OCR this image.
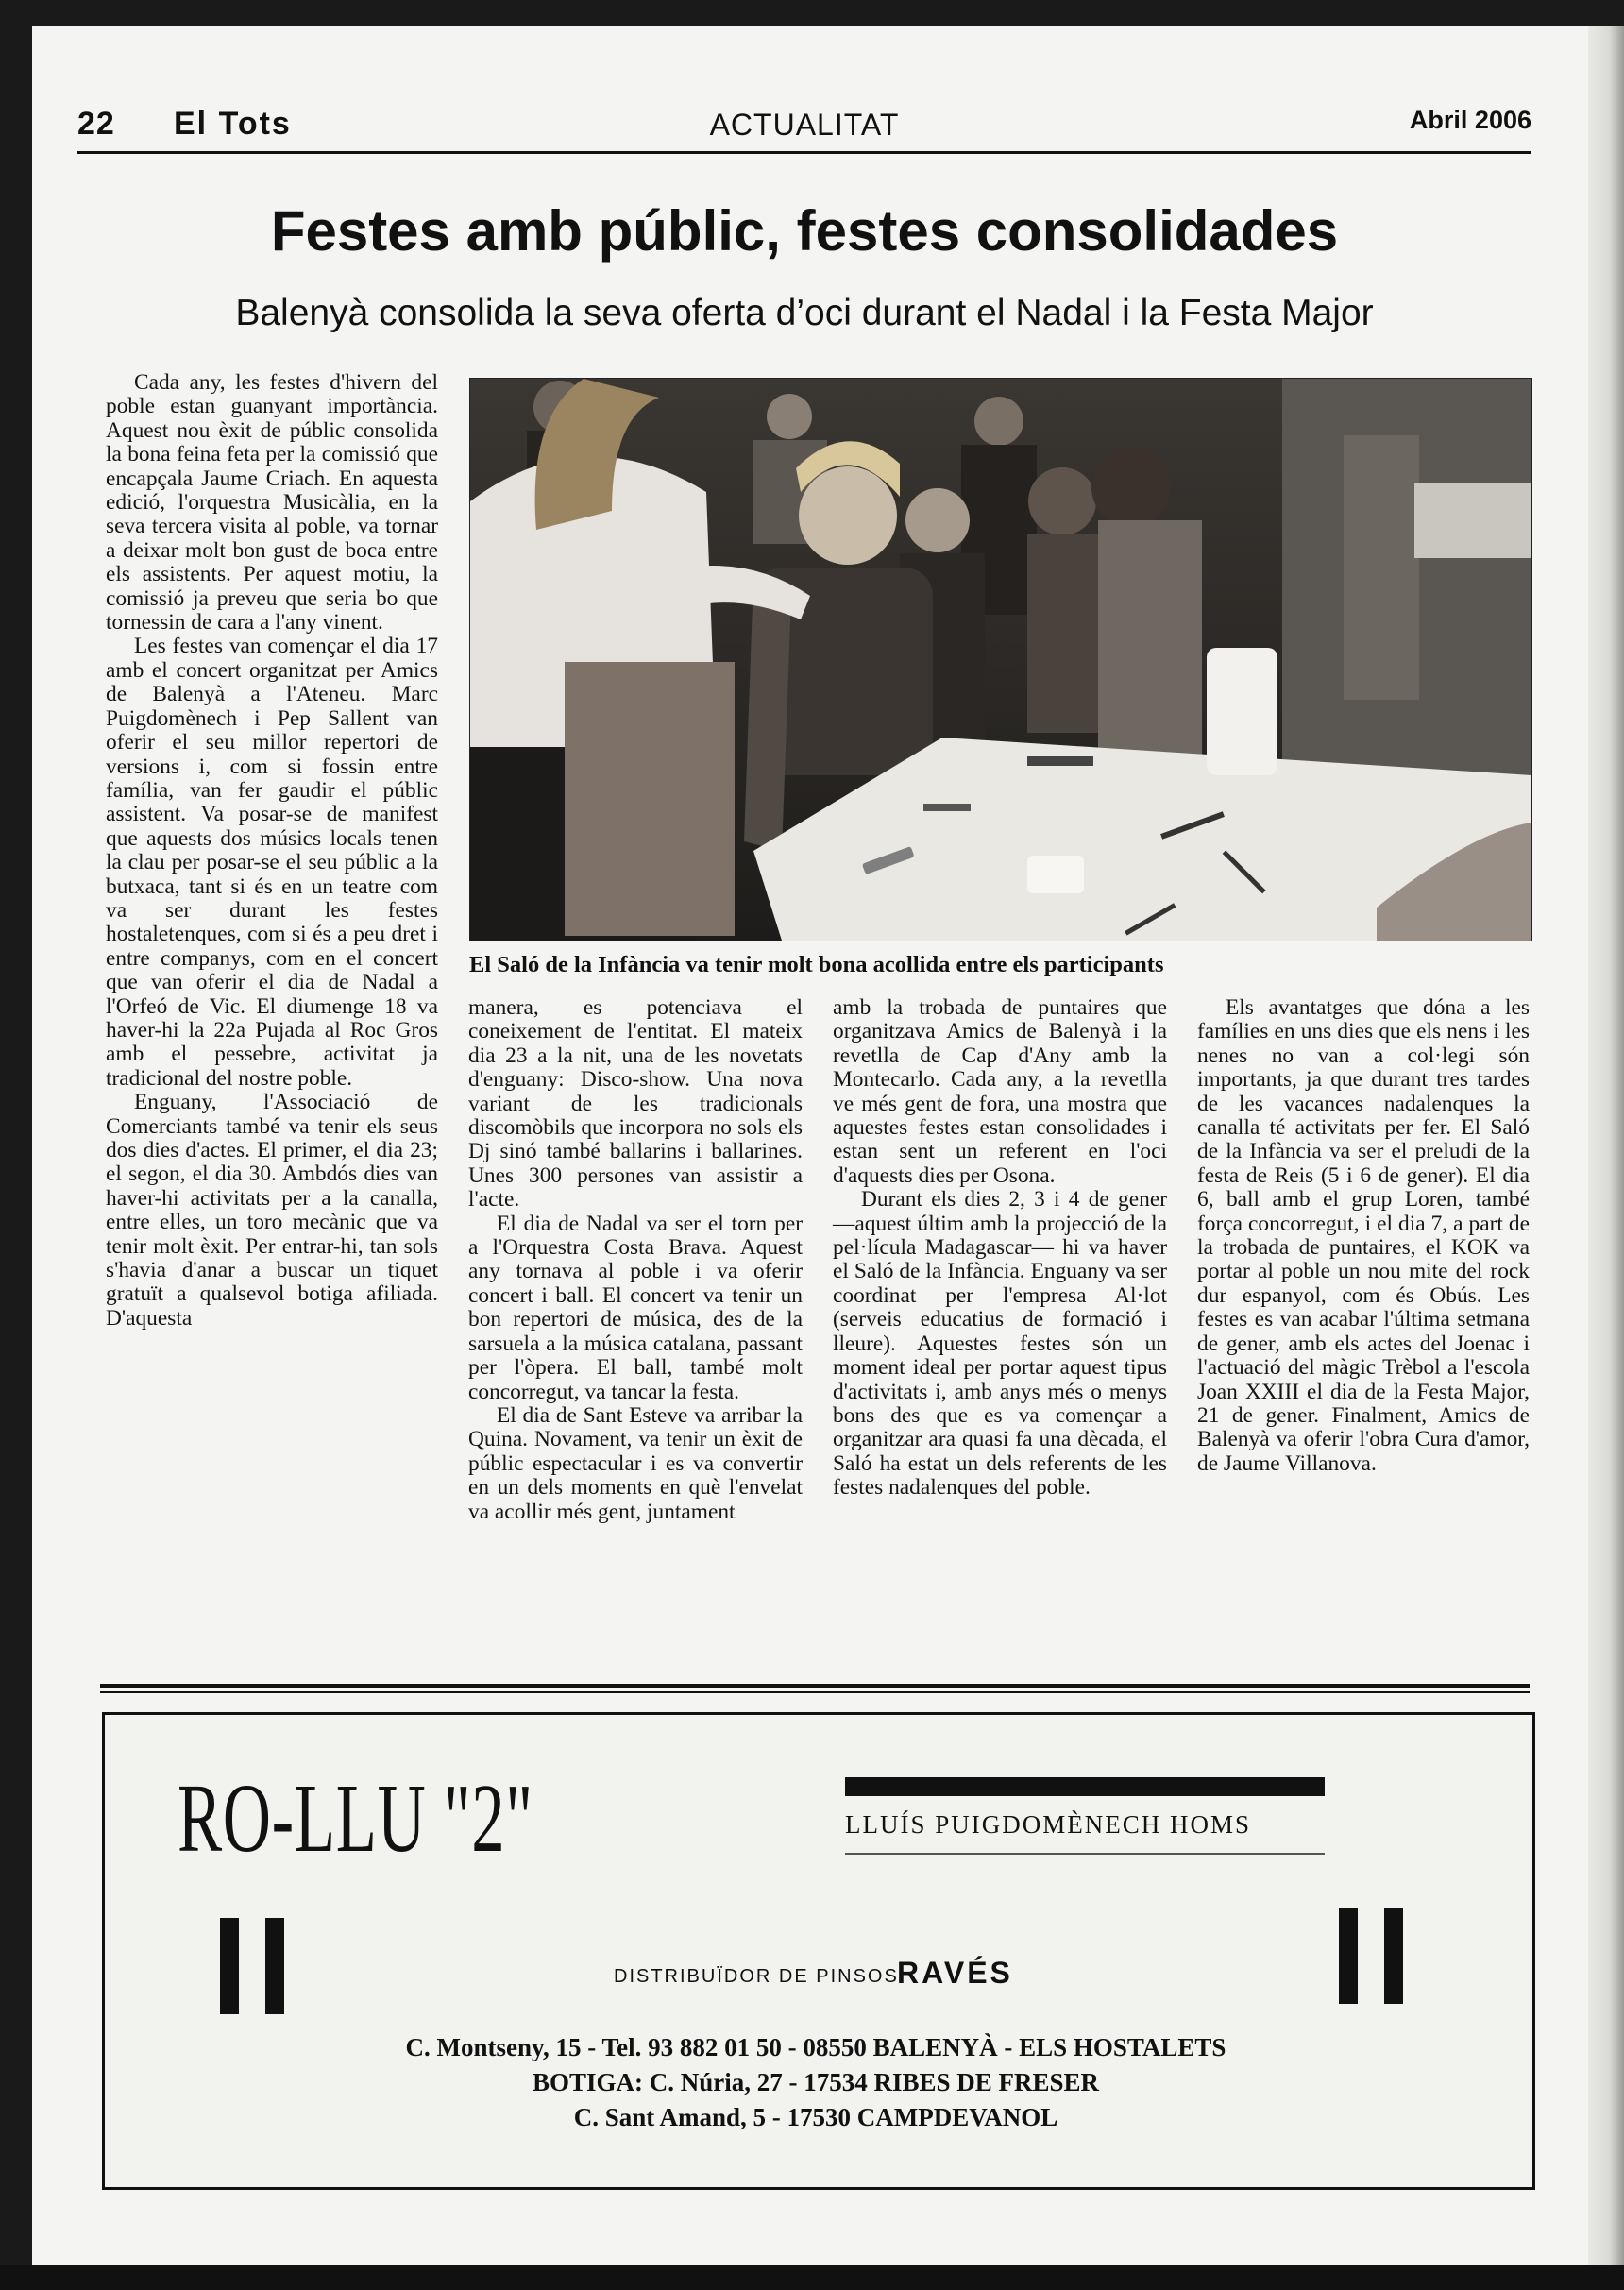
22 El Tots	ACTUALITAT	Abril 2006
Festes amb públic, festes consolidades
Balenyà consolida la seva oferta d’oci durant el Nadal i la Festa Major

Cada any, les festes d'hivern del poble estan guanyant importància. Aquest nou èxit de públic consolida la bona feina feta per la comissió que encapçala Jaume Criach. En aquesta edició, l'orquestra Musicàlia, en la seva tercera visita al poble, va tornar a deixar molt bon gust de boca entre els assistents. Per aquest motiu, la comissió ja preveu que seria bo que tornessin de cara a l'any vinent.

Les festes van començar el dia 17 amb el concert organitzat per Amics de Balenyà a l'Ateneu. Marc Puigdomènech i Pep Sallent van oferir el seu millor repertori de versions i, com si fossin entre família, van fer gaudir el públic assistent. Va posar-se de manifest que aquests dos músics locals tenen la clau per posar-se el seu públic a la butxaca, tant si és en un teatre com va ser durant les festes hostaletenques, com si és a peu dret i entre companys, com en el concert que van oferir el dia de Nadal a l'Orfeó de Vic. El diumenge 18 va haver-hi la 22a Pujada al Roc Gros amb el pessebre, activitat ja tradicional del nostre poble.

Enguany, l'Associació de Comerciants també va tenir els seus dos dies d'actes. El primer, el dia 23; el segon, el dia 30. Ambdós dies van haver-hi activitats per a la canalla, entre elles, un toro mecànic que va tenir molt èxit. Per entrar-hi, tan sols s'havia d'anar a buscar un tiquet gratuït a qualsevol botiga afiliada. D'aquesta

El Saló de la Infància va tenir molt bona acollida entre els participants

manera, es potenciava el coneixement de l'entitat. El mateix dia 23 a la nit, una de les novetats d'enguany: Disco-show. Una nova variant de les tradicionals discomòbils que incorpora no sols els Dj sinó també ballarins i ballarines. Unes 300 persones van assistir a l'acte.

El dia de Nadal va ser el torn per a l'Orquestra Costa Brava. Aquest any tornava al poble i va oferir concert i ball. El concert va tenir un bon repertori de música, des de la sarsuela a la música catalana, passant per l'òpera. El ball, també molt concorregut, va tancar la festa.

El dia de Sant Esteve va arribar la Quina. Novament, va tenir un èxit de públic espectacular i es va convertir en un dels moments en què l'envelat va acollir més gent, juntament

amb la trobada de puntaires que organitzava Amics de Balenyà i la revetlla de Cap d'Any amb la Montecarlo. Cada any, a la revetlla ve més gent de fora, una mostra que aquestes festes estan consolidades i estan sent un referent en l'oci d'aquests dies per Osona.

Durant els dies 2, 3 i 4 de gener —aquest últim amb la projecció de la pel·lícula Madagascar— hi va haver el Saló de la Infància. Enguany va ser coordinat per l'empresa Al·lot (serveis educatius de formació i lleure). Aquestes festes són un moment ideal per portar aquest tipus d'activitats i, amb anys més o menys bons des que es va començar a organitzar ara quasi fa una dècada, el Saló ha estat un dels referents de les festes nadalenques del poble.

Els avantatges que dóna a les famílies en uns dies que els nens i les nenes no van a col·legi són importants, ja que durant tres tardes de les vacances nadalenques la canalla té activitats per fer. El Saló de la Infància va ser el preludi de la festa de Reis (5 i 6 de gener). El dia 6, ball amb el grup Loren, també força concorregut, i el dia 7, a part de la trobada de puntaires, el KOK va portar al poble un nou mite del rock dur espanyol, com és Obús. Les festes es van acabar l'última setmana de gener, amb els actes del Joenac i l'actuació del màgic Trèbol a l'escola Joan XXIII el dia de la Festa Major, 21 de gener. Finalment, Amics de Balenyà va oferir l'obra Cura d'amor, de Jaume Villanova.

RO-LLU "2"	LLUÍS PUIGDOMÈNECH HOMS
DISTRIBUÏDOR DE PINSOS
RAVÉS
C. Montseny, 15 - Tel. 93 882 01 50 - 08550 BALENYÀ - ELS HOSTALETS
BOTIGA: C. Núria, 27 - 17534 RIBES DE FRESER
C. Sant Amand, 5 - 17530 CAMPDEVANOL
